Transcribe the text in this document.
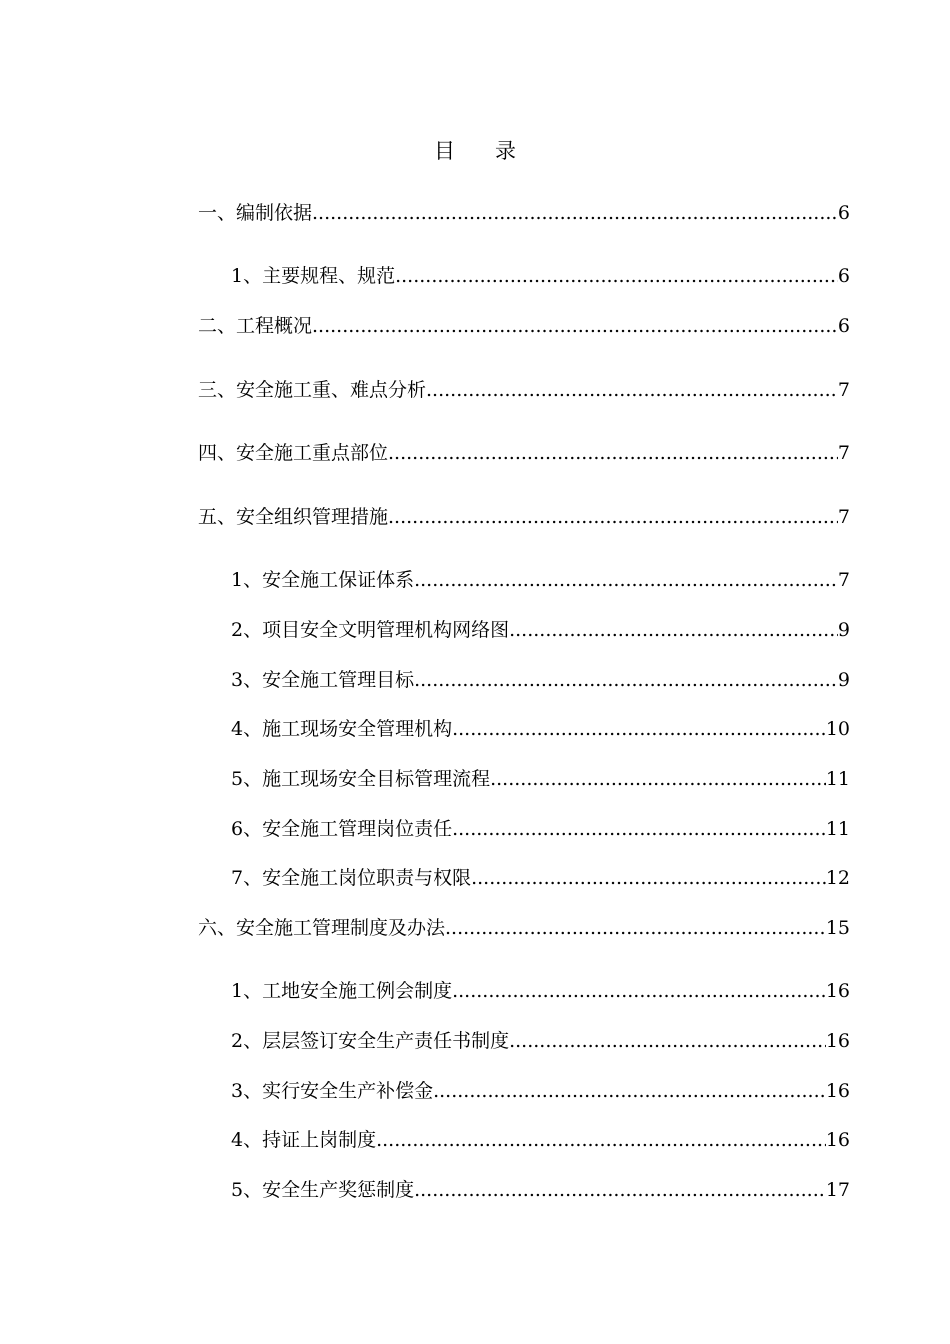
目 录
一、编制依据 .....	6
1、主要规程、规范 .....	6
二、工程概况 .....	6
三、安全施工重、难点分析 .....	7
四、安全施工重点部位 .....	7
五、安全组织管理措施 .....	7
1、安全施工保证体系 .....	7
2、项目安全文明管理机构网络图 .....	9
3、安全施工管理目标 .....	9
4、施工现场安全管理机构 .....	10
5、施工现场安全目标管理流程 .....	11
6、安全施工管理岗位责任 .....	11
7、安全施工岗位职责与权限 .....	12
六、安全施工管理制度及办法 .....	15
1、工地安全施工例会制度 .....	16
2、层层签订安全生产责任书制度 .....	16
3、实行安全生产补偿金 .....	16
4、持证上岗制度 .....	16
5、安全生产奖惩制度 .....	17
